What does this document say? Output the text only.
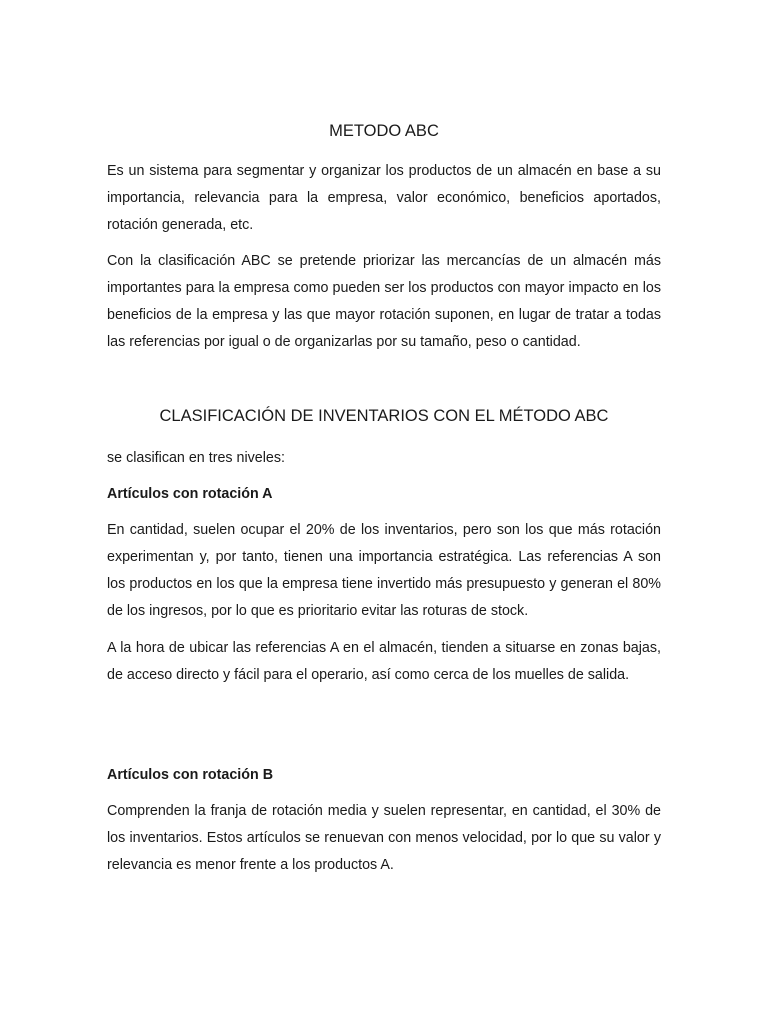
METODO ABC

Es un sistema para segmentar y organizar los productos de un almacén en base a su importancia, relevancia para la empresa, valor económico, beneficios aportados, rotación generada, etc.

Con la clasificación ABC se pretende priorizar las mercancías de un almacén más importantes para la empresa como pueden ser los productos con mayor impacto en los beneficios de la empresa y las que mayor rotación suponen, en lugar de tratar a todas las referencias por igual o de organizarlas por su tamaño, peso o cantidad.

CLASIFICACIÓN DE INVENTARIOS CON EL MÉTODO ABC

se clasifican en tres niveles:

Artículos con rotación A

En cantidad, suelen ocupar el 20% de los inventarios, pero son los que más rotación experimentan y, por tanto, tienen una importancia estratégica. Las referencias A son los productos en los que la empresa tiene invertido más presupuesto y generan el 80% de los ingresos, por lo que es prioritario evitar las roturas de stock.

A la hora de ubicar las referencias A en el almacén, tienden a situarse en zonas bajas, de acceso directo y fácil para el operario, así como cerca de los muelles de salida.

Artículos con rotación B

Comprenden la franja de rotación media y suelen representar, en cantidad, el 30% de los inventarios. Estos artículos se renuevan con menos velocidad, por lo que su valor y relevancia es menor frente a los productos A.
